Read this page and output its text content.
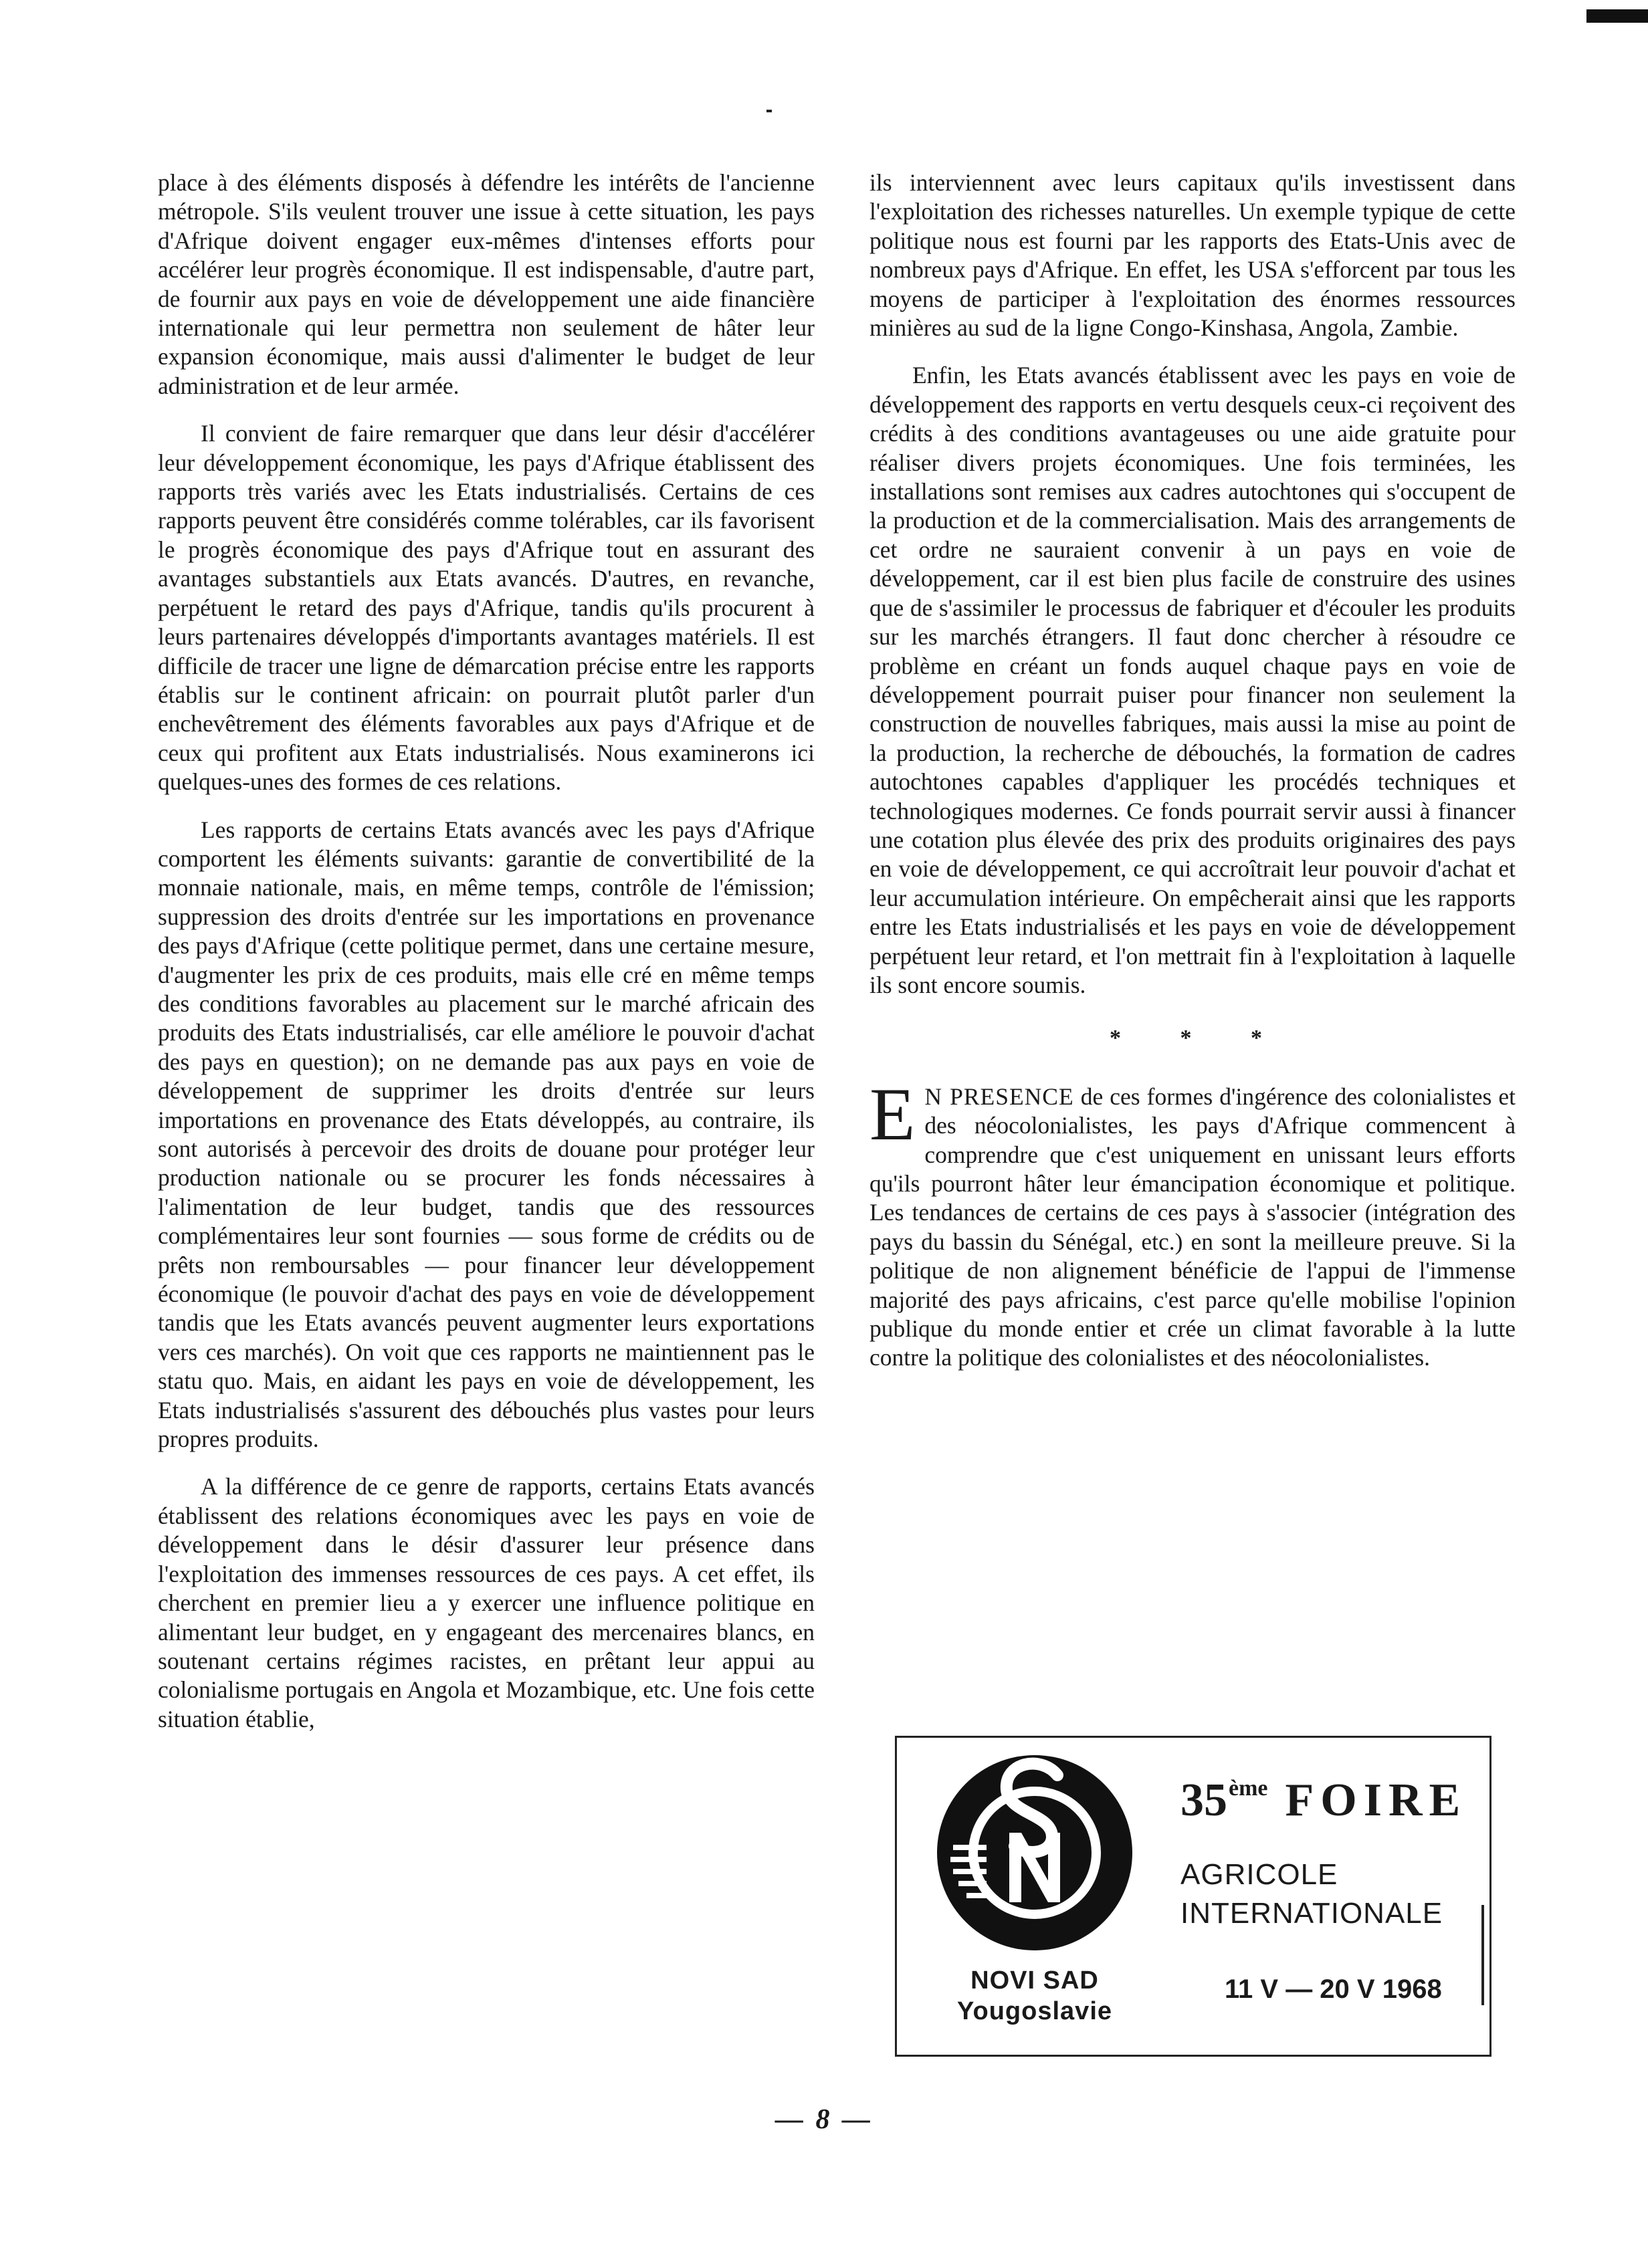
place à des éléments disposés à défendre les intérêts de l'ancienne métropole. S'ils veulent trouver une issue à cette situation, les pays d'Afrique doivent engager eux-mêmes d'intenses efforts pour accélérer leur progrès économique. Il est indispensable, d'autre part, de fournir aux pays en voie de développement une aide financière internationale qui leur permettra non seulement de hâter leur expansion économique, mais aussi d'alimenter le budget de leur administration et de leur armée.

Il convient de faire remarquer que dans leur désir d'accélérer leur développement économique, les pays d'Afrique établissent des rapports très variés avec les Etats industrialisés. Certains de ces rapports peuvent être considérés comme tolérables, car ils favorisent le progrès économique des pays d'Afrique tout en assurant des avantages substantiels aux Etats avancés. D'autres, en revanche, perpétuent le retard des pays d'Afrique, tandis qu'ils procurent à leurs partenaires développés d'importants avantages matériels. Il est difficile de tracer une ligne de démarcation précise entre les rapports établis sur le continent africain: on pourrait plutôt parler d'un enchevêtrement des éléments favorables aux pays d'Afrique et de ceux qui profitent aux Etats industrialisés. Nous examinerons ici quelques-unes des formes de ces relations.

Les rapports de certains Etats avancés avec les pays d'Afrique comportent les éléments suivants: garantie de convertibilité de la monnaie nationale, mais, en même temps, contrôle de l'émission; suppression des droits d'entrée sur les importations en provenance des pays d'Afrique (cette politique permet, dans une certaine mesure, d'augmenter les prix de ces produits, mais elle cré en même temps des conditions favorables au placement sur le marché africain des produits des Etats industrialisés, car elle améliore le pouvoir d'achat des pays en question); on ne demande pas aux pays en voie de développement de supprimer les droits d'entrée sur leurs importations en provenance des Etats développés, au contraire, ils sont autorisés à percevoir des droits de douane pour protéger leur production nationale ou se procurer les fonds nécessaires à l'alimentation de leur budget, tandis que des ressources complémentaires leur sont fournies — sous forme de crédits ou de prêts non remboursables — pour financer leur développement économique (le pouvoir d'achat des pays en voie de développement tandis que les Etats avancés peuvent augmenter leurs exportations vers ces marchés). On voit que ces rapports ne maintiennent pas le statu quo. Mais, en aidant les pays en voie de développement, les Etats industrialisés s'assurent des débouchés plus vastes pour leurs propres produits.

A la différence de ce genre de rapports, certains Etats avancés établissent des relations économiques avec les pays en voie de développement dans le désir d'assurer leur présence dans l'exploitation des immenses ressources de ces pays. A cet effet, ils cherchent en premier lieu a y exercer une influence politique en alimentant leur budget, en y engageant des mercenaires blancs, en soutenant certains régimes racistes, en prêtant leur appui au colonialisme portugais en Angola et Mozambique, etc. Une fois cette situation établie,

ils interviennent avec leurs capitaux qu'ils investissent dans l'exploitation des richesses naturelles. Un exemple typique de cette politique nous est fourni par les rapports des Etats-Unis avec de nombreux pays d'Afrique. En effet, les USA s'efforcent par tous les moyens de participer à l'exploitation des énormes ressources minières au sud de la ligne Congo-Kinshasa, Angola, Zambie.

Enfin, les Etats avancés établissent avec les pays en voie de développement des rapports en vertu desquels ceux-ci reçoivent des crédits à des conditions avantageuses ou une aide gratuite pour réaliser divers projets économiques. Une fois terminées, les installations sont remises aux cadres autochtones qui s'occupent de la production et de la commercialisation. Mais des arrangements de cet ordre ne sauraient convenir à un pays en voie de développement, car il est bien plus facile de construire des usines que de s'assimiler le processus de fabriquer et d'écouler les produits sur les marchés étrangers. Il faut donc chercher à résoudre ce problème en créant un fonds auquel chaque pays en voie de développement pourrait puiser pour financer non seulement la construction de nouvelles fabriques, mais aussi la mise au point de la production, la recherche de débouchés, la formation de cadres autochtones capables d'appliquer les procédés techniques et technologiques modernes. Ce fonds pourrait servir aussi à financer une cotation plus élevée des prix des produits originaires des pays en voie de développement, ce qui accroîtrait leur pouvoir d'achat et leur accumulation intérieure. On empêcherait ainsi que les rapports entre les Etats industrialisés et les pays en voie de développement perpétuent leur retard, et l'on mettrait fin à l'exploitation à laquelle ils sont encore soumis.

* * *

E N PRESENCE de ces formes d'ingérence des colonialistes et des néocolonialistes, les pays d'Afrique commencent à comprendre que c'est uniquement en unissant leurs efforts qu'ils pourront hâter leur émancipation économique et politique. Les tendances de certains de ces pays à s'associer (intégration des pays du bassin du Sénégal, etc.) en sont la meilleure preuve. Si la politique de non alignement bénéficie de l'appui de l'immense majorité des pays africains, c'est parce qu'elle mobilise l'opinion publique du monde entier et crée un climat favorable à la lutte contre la politique des colonialistes et des néocolonialistes.

NOVI SAD
Yougoslavie
35ème FOIRE
AGRICOLE
INTERNATIONALE
11 V — 20 V 1968
— 8 —
